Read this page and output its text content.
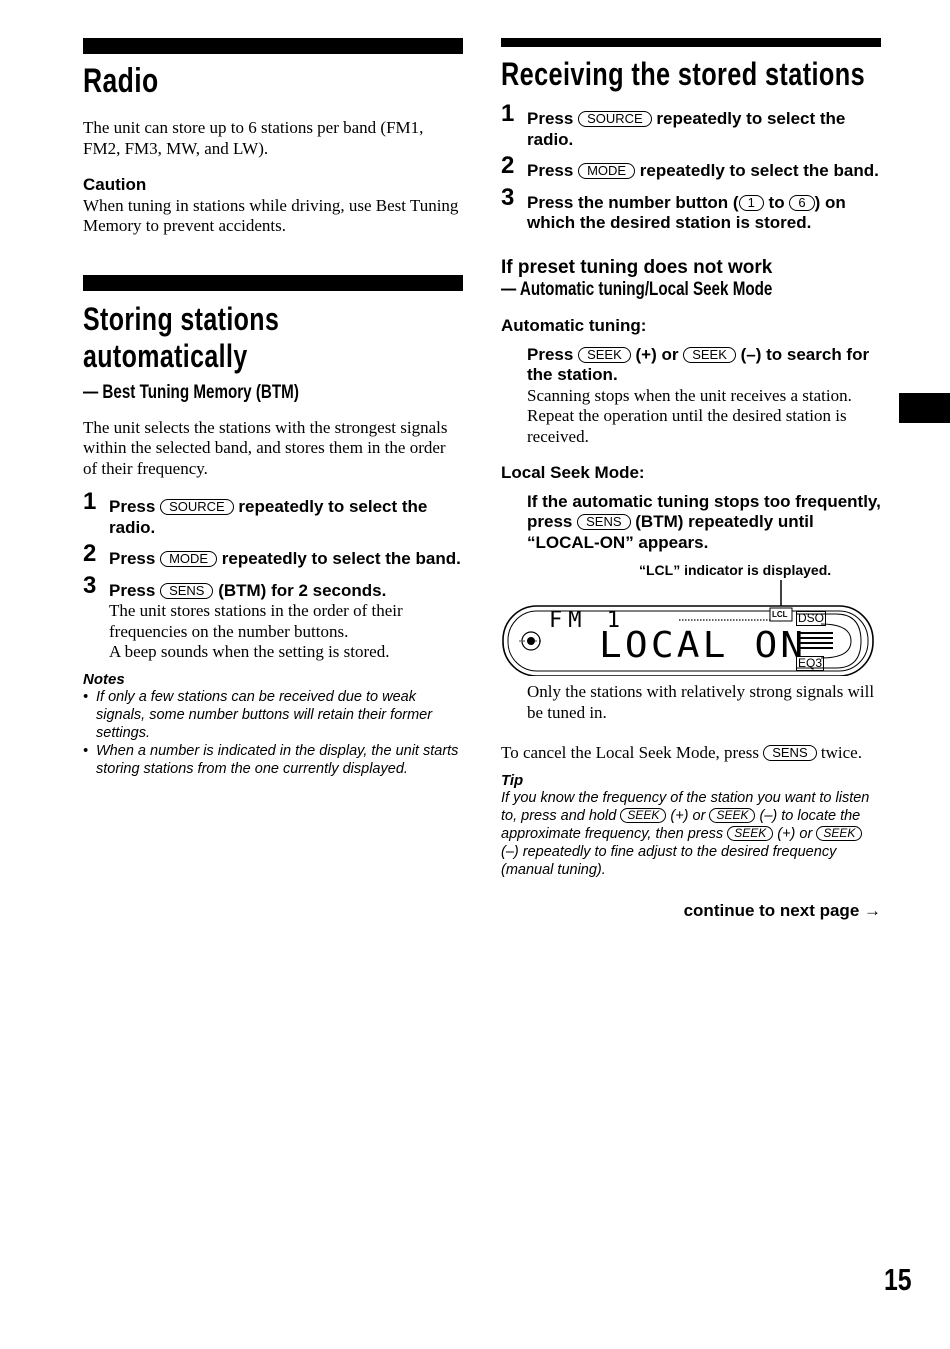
Radio

The unit can store up to 6 stations per band (FM1, FM2, FM3, MW, and LW).

Caution

When tuning in stations while driving, use Best Tuning Memory to prevent accidents.

Storing stations
automatically
— Best Tuning Memory (BTM)

The unit selects the stations with the strongest signals within the selected band, and stores them in the order of their frequency.

1 Press SOURCE repeatedly to select the radio.
2 Press MODE repeatedly to select the band.
3 Press SENS (BTM) for 2 seconds.

The unit stores stations in the order of their frequencies on the number buttons.

A beep sounds when the setting is stored.

Notes
• If only a few stations can be received due to weak signals, some number buttons will retain their former settings.
• When a number is indicated in the display, the unit starts storing stations from the one currently displayed.
Receiving the stored stations
1 Press SOURCE repeatedly to select the radio.
2 Press MODE repeatedly to select the band.
3 Press the number button ( 1 to 6 ) on which the desired station is stored.
If preset tuning does not work
— Automatic tuning/Local Seek Mode
Automatic tuning:
Press SEEK (+) or SEEK (–) to search for the station.

Scanning stops when the unit receives a station. Repeat the operation until the desired station is received.

Local Seek Mode:
If the automatic tuning stops too frequently, press SENS (BTM) repeatedly until “LOCAL-ON” appears.
“LCL” indicator is displayed.
FM 1
LOCAL ON
LCL DSO
EQ3

Only the stations with relatively strong signals will be tuned in.

To cancel the Local Seek Mode, press SENS twice.

Tip
If you know the frequency of the station you want to listen to, press and hold SEEK (+) or SEEK (–) to locate the approximate frequency, then press SEEK (+) or SEEK (–) repeatedly to fine adjust to the desired frequency (manual tuning).
continue to next page →
15
